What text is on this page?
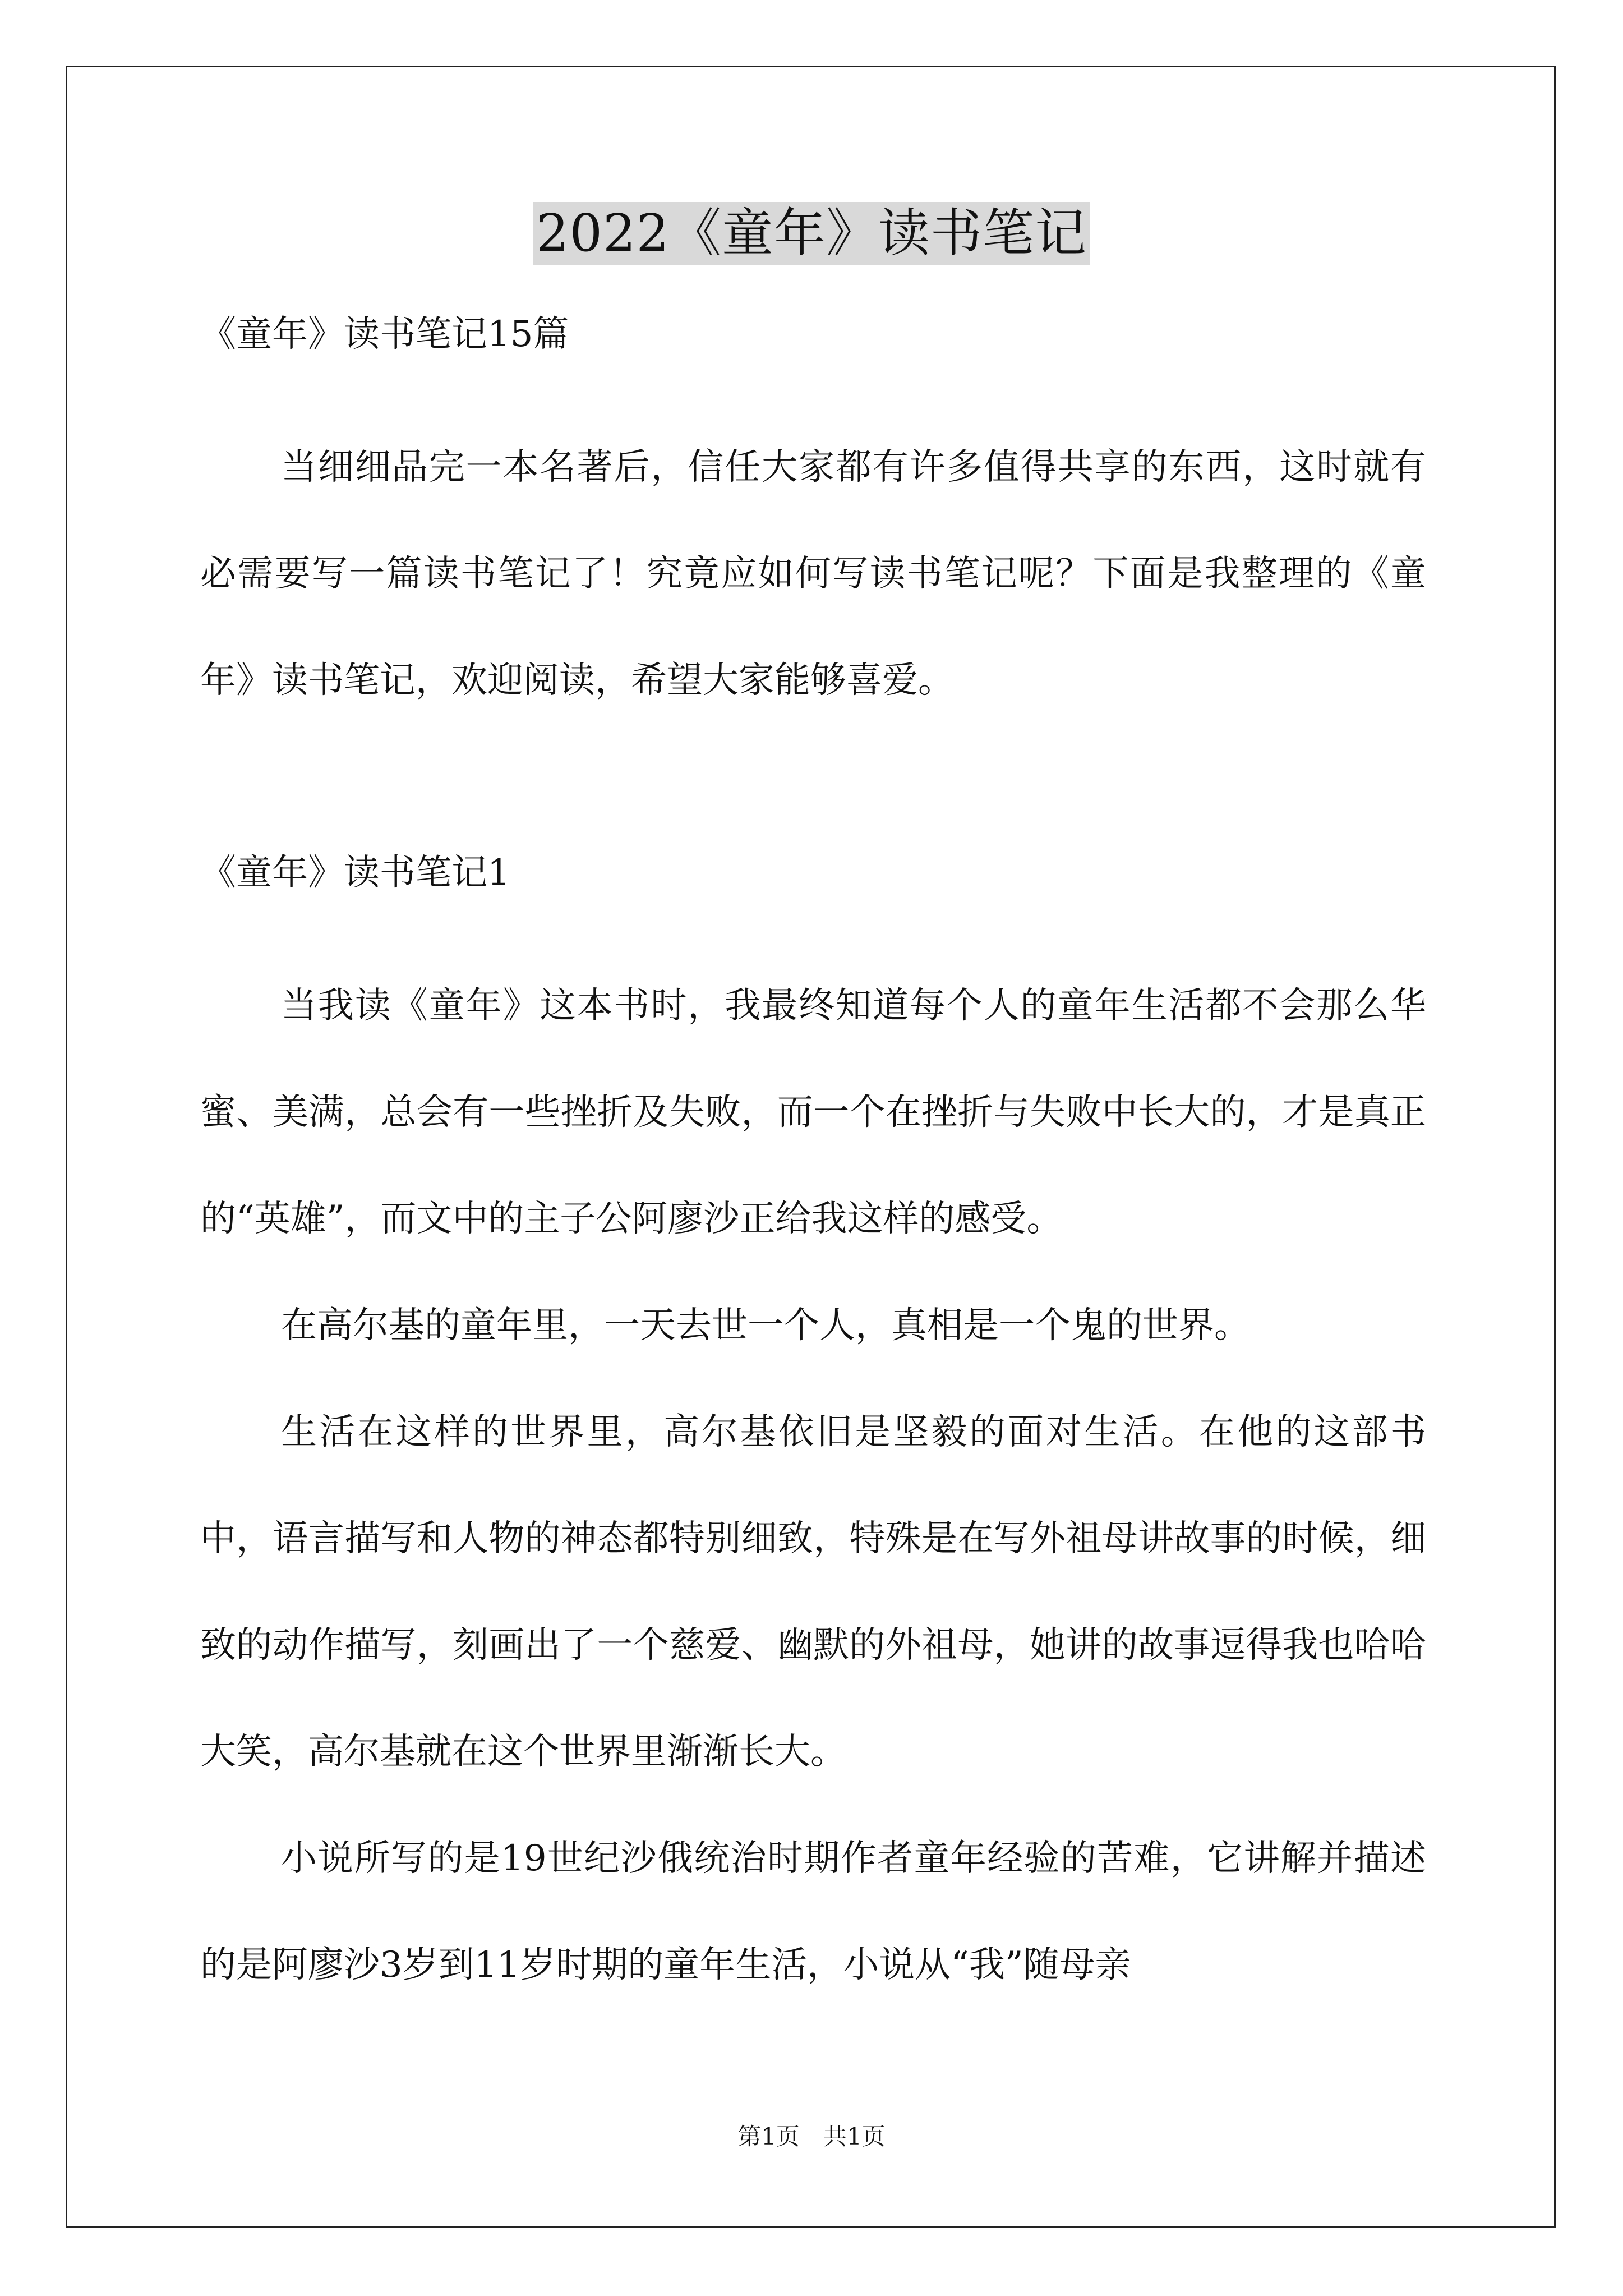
2022《童年》读书笔记

《童年》读书笔记15篇

当细细品完一本名著后，信任大家都有许多值得共享的东西，这时就有必需要写一篇读书笔记了！究竟应如何写读书笔记呢？下面是我整理的《童年》读书笔记，欢迎阅读，希望大家能够喜爱。

《童年》读书笔记1

当我读《童年》这本书时，我最终知道每个人的童年生活都不会那么华蜜、美满，总会有一些挫折及失败，而一个在挫折与失败中长大的，才是真正的“英雄”，而文中的主子公阿廖沙正给我这样的感受。

在高尔基的童年里，一天去世一个人，真相是一个鬼的世界。

生活在这样的世界里，高尔基依旧是坚毅的面对生活。在他的这部书中，语言描写和人物的神态都特别细致，特殊是在写外祖母讲故事的时候，细致的动作描写，刻画出了一个慈爱、幽默的外祖母，她讲的故事逗得我也哈哈大笑，高尔基就在这个世界里渐渐长大。

小说所写的是19世纪沙俄统治时期作者童年经验的苦难，它讲解并描述的是阿廖沙3岁到11岁时期的童年生活，小说从“我”随母亲

第1页　共1页
